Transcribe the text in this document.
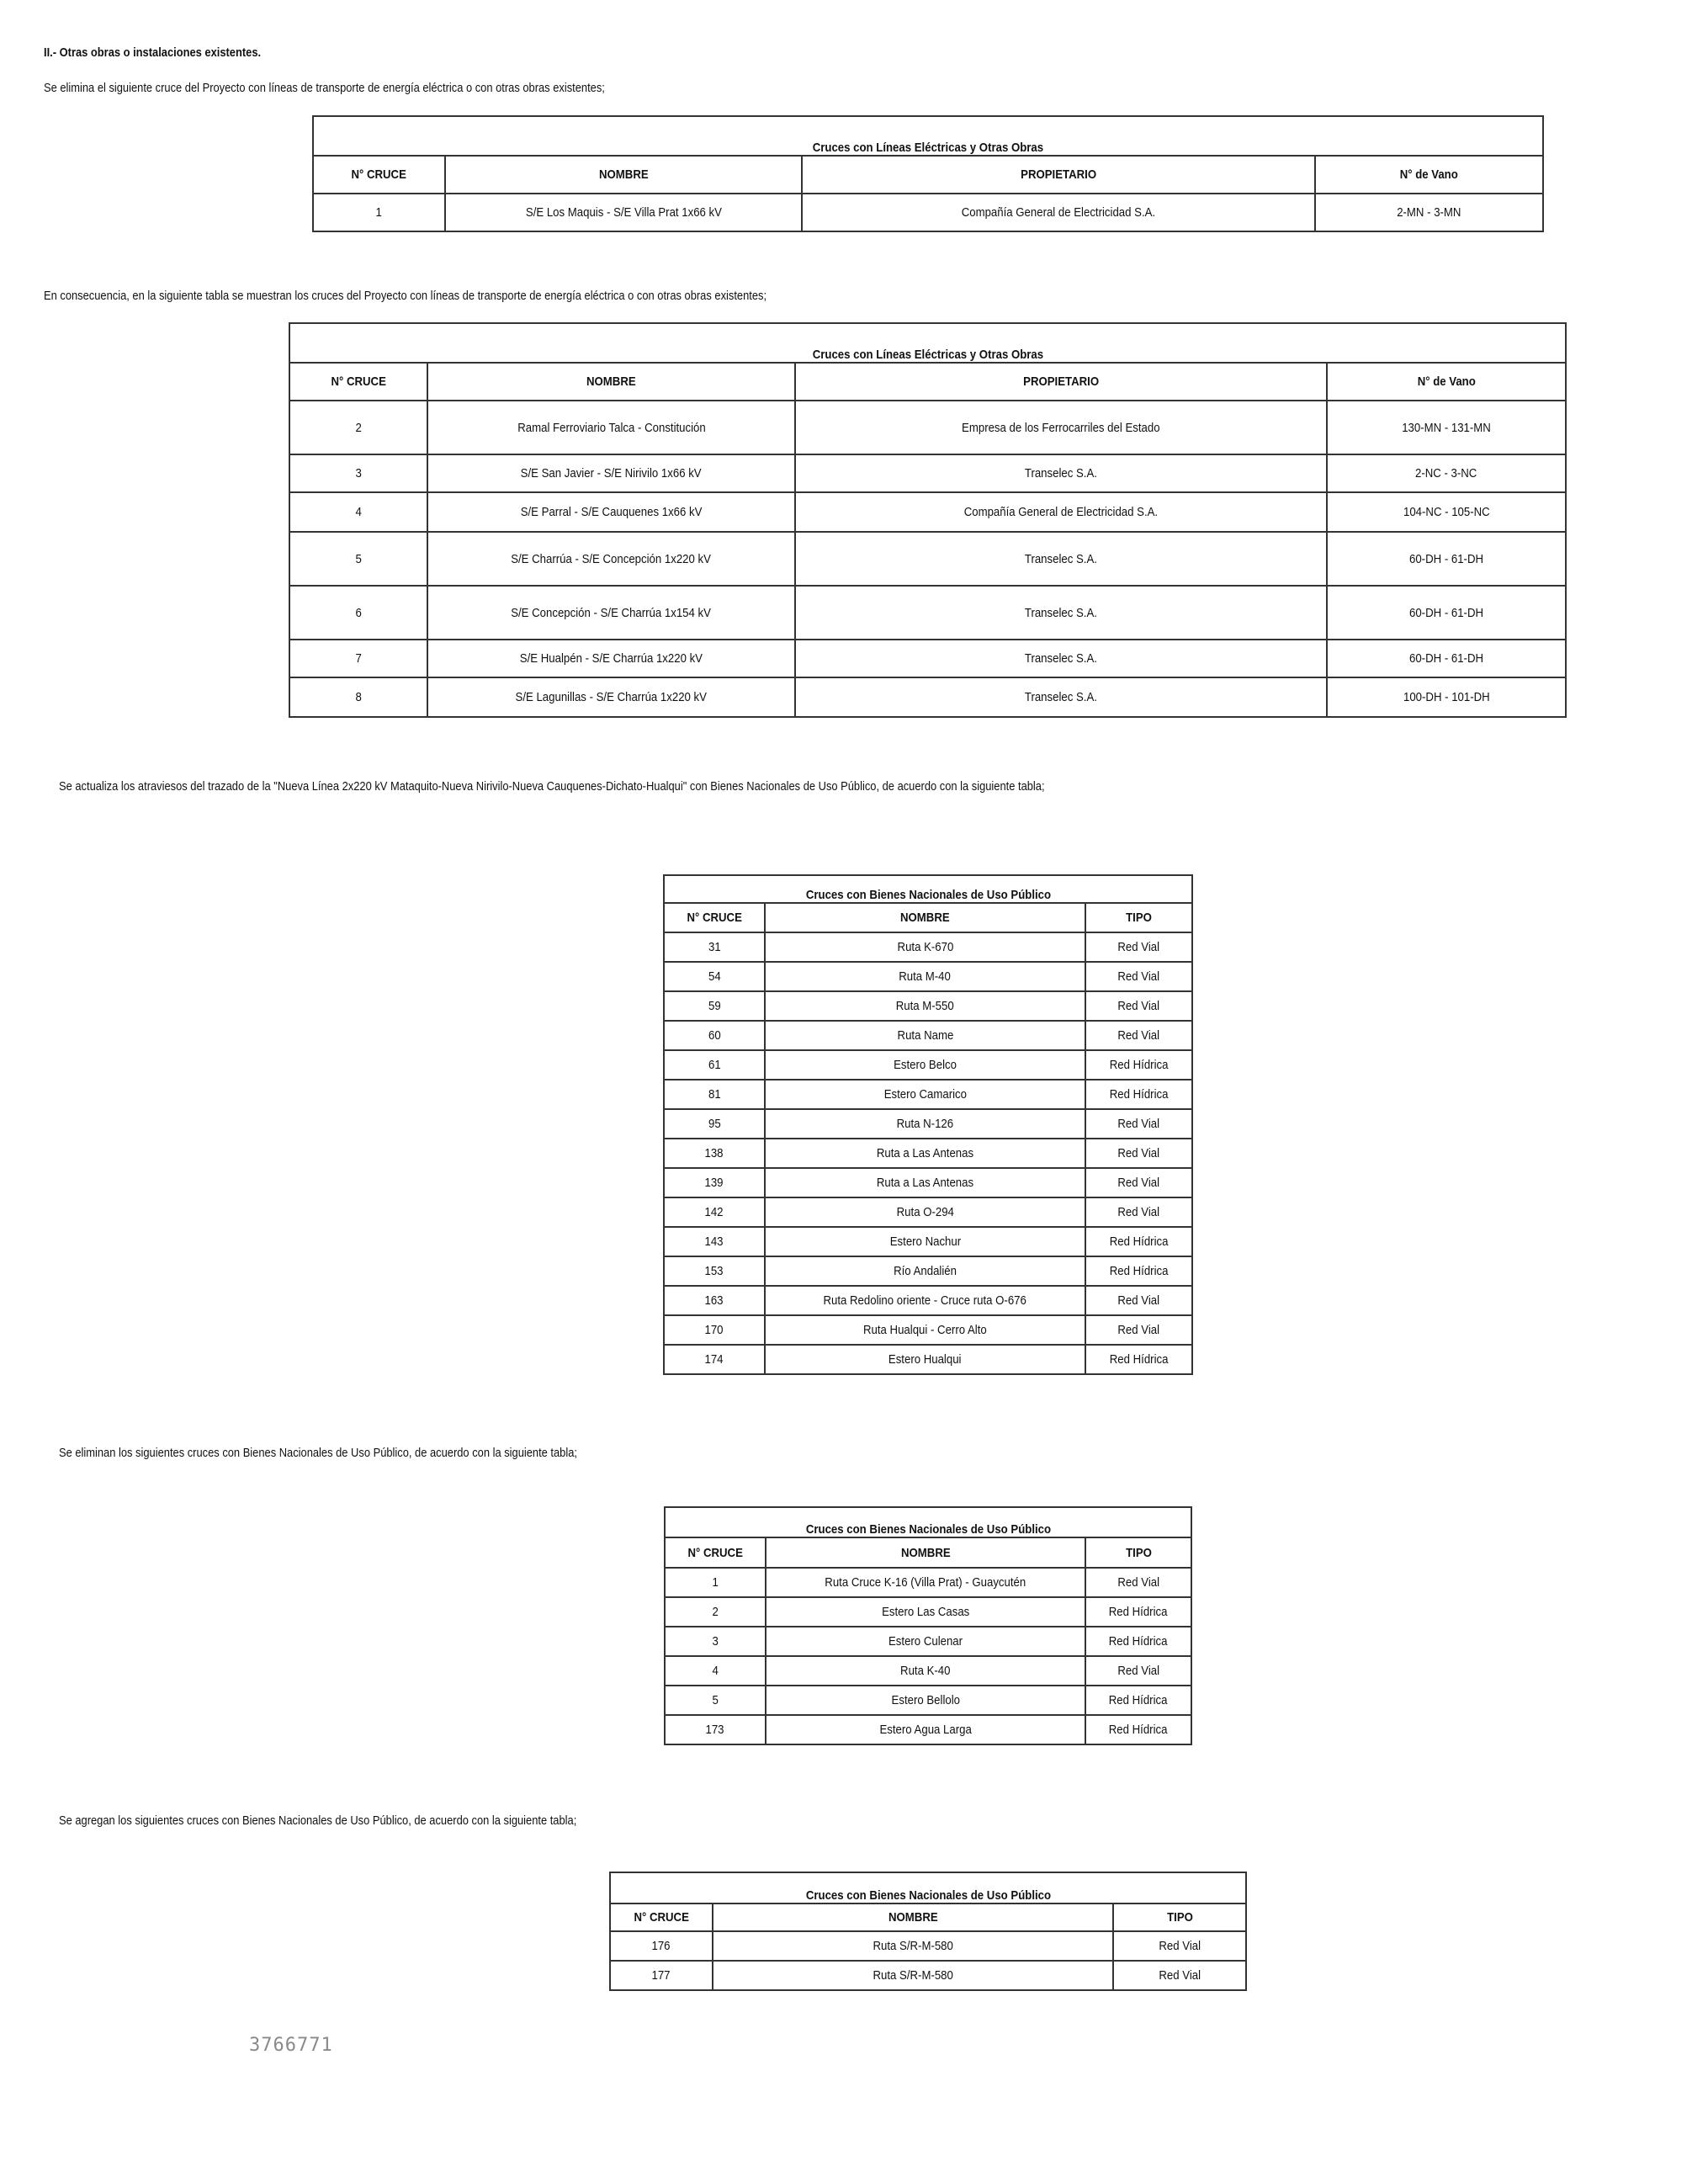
II.- Otras obras o instalaciones existentes.
Se elimina el siguiente cruce del Proyecto con líneas de transporte de energía eléctrica o con otras obras existentes;
En consecuencia, en la siguiente tabla se muestran los cruces del Proyecto con líneas de transporte de energía eléctrica o con otras obras existentes;
Se actualiza los atraviesos del trazado de la "Nueva Línea 2x220 kV Mataquito-Nueva Nirivilo-Nueva Cauquenes-Dichato-Hualqui" con Bienes Nacionales de Uso Público, de acuerdo con la siguiente tabla;
Se eliminan los siguientes cruces con Bienes Nacionales de Uso Público, de acuerdo con la siguiente tabla;
Se agregan los siguientes cruces con Bienes Nacionales de Uso Público, de acuerdo con la siguiente tabla;
Cruces con Líneas Eléctricas y Otras Obras			
N° CRUCE	NOMBRE	PROPIETARIO	N° de Vano
1	S/E Los Maquis - S/E Villa Prat 1x66 kV	Compañía General de Electricidad S.A.	2-MN - 3-MN
Cruces con Líneas Eléctricas y Otras Obras			
N° CRUCE	NOMBRE	PROPIETARIO	N° de Vano
2	Ramal Ferroviario Talca - Constitución	Empresa de los Ferrocarriles del Estado	130-MN - 131-MN
3	S/E San Javier - S/E Nirivilo 1x66 kV	Transelec S.A.	2-NC - 3-NC
4	S/E Parral - S/E Cauquenes 1x66 kV	Compañía General de Electricidad S.A.	104-NC - 105-NC
5	S/E Charrúa - S/E Concepción 1x220 kV	Transelec S.A.	60-DH - 61-DH
6	S/E Concepción - S/E Charrúa 1x154 kV	Transelec S.A.	60-DH - 61-DH
7	S/E Hualpén - S/E Charrúa 1x220 kV	Transelec S.A.	60-DH - 61-DH
8	S/E Lagunillas - S/E Charrúa 1x220 kV	Transelec S.A.	100-DH - 101-DH
Cruces con Bienes Nacionales de Uso Público		
N° CRUCE	NOMBRE	TIPO
31	Ruta K-670	Red Vial
54	Ruta M-40	Red Vial
59	Ruta M-550	Red Vial
60	Ruta Name	Red Vial
61	Estero Belco	Red Hídrica
81	Estero Camarico	Red Hídrica
95	Ruta N-126	Red Vial
138	Ruta a Las Antenas	Red Vial
139	Ruta a Las Antenas	Red Vial
142	Ruta O-294	Red Vial
143	Estero Nachur	Red Hídrica
153	Río Andalién	Red Hídrica
163	Ruta Redolino oriente - Cruce ruta O-676	Red Vial
170	Ruta Hualqui - Cerro Alto	Red Vial
174	Estero Hualqui	Red Hídrica
Cruces con Bienes Nacionales de Uso Público		
N° CRUCE	NOMBRE	TIPO
1	Ruta Cruce K-16 (Villa Prat) - Guaycutén	Red Vial
2	Estero Las Casas	Red Hídrica
3	Estero Culenar	Red Hídrica
4	Ruta K-40	Red Vial
5	Estero Bellolo	Red Hídrica
173	Estero Agua Larga	Red Hídrica
Cruces con Bienes Nacionales de Uso Público		
N° CRUCE	NOMBRE	TIPO
176	Ruta S/R-M-580	Red Vial
177	Ruta S/R-M-580	Red Vial
3766771
